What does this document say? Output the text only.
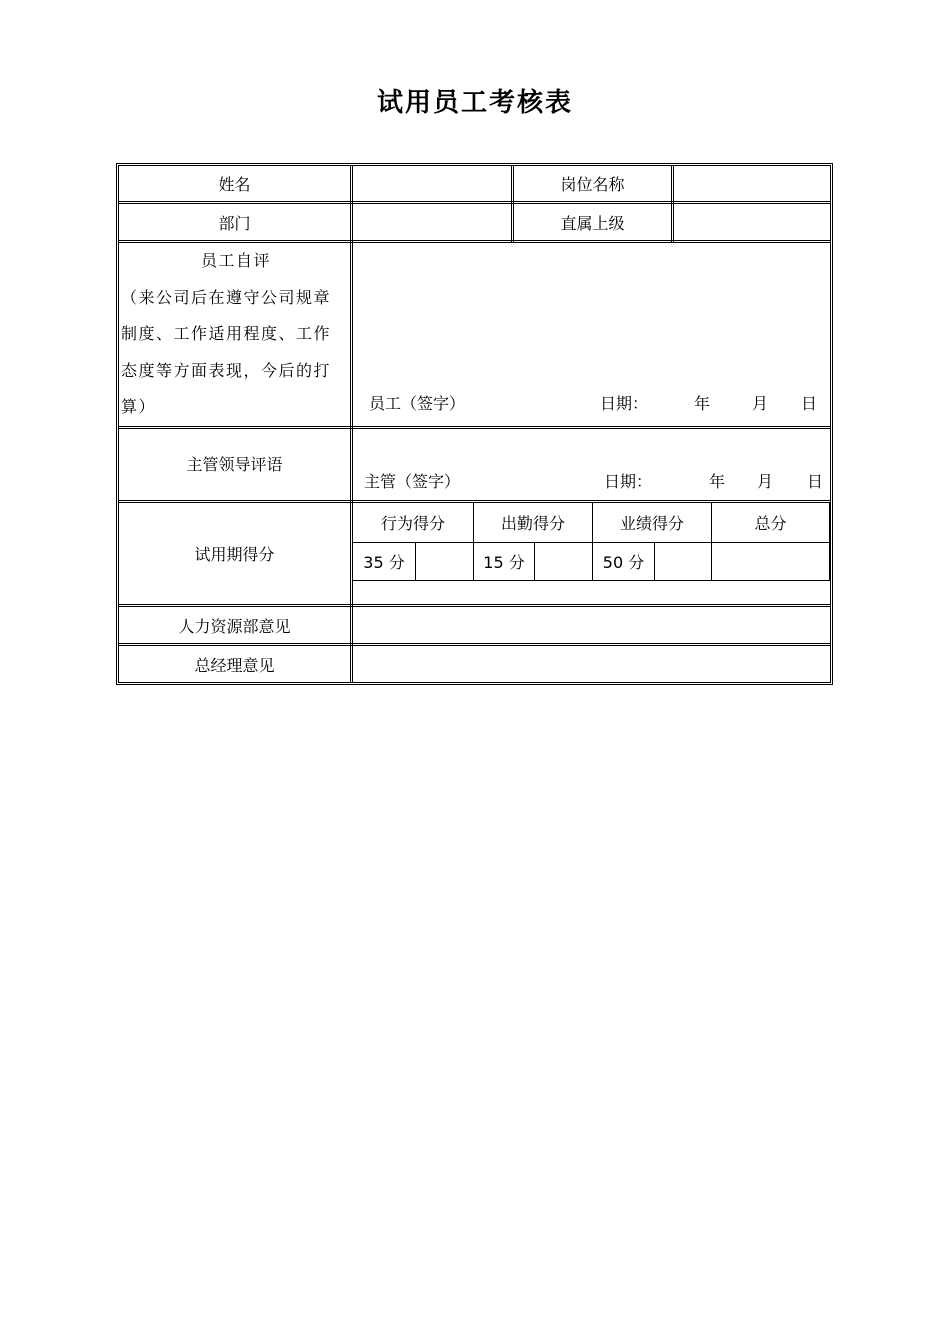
试用员工考核表
姓名	岗位名称
部门	直属上级
员工自评
（来公司后在遵守公司规章
制度、工作适用程度、工作
态度等方面表现，今后的打
算）	员工（签字）	日期：	年	月 日
主管领导评语
主管（签字）	日期：	年 月 日
试用期得分
行为得分	出勤得分	业绩得分	总分
35 分	15 分	50 分
人力资源部意见
总经理意见
